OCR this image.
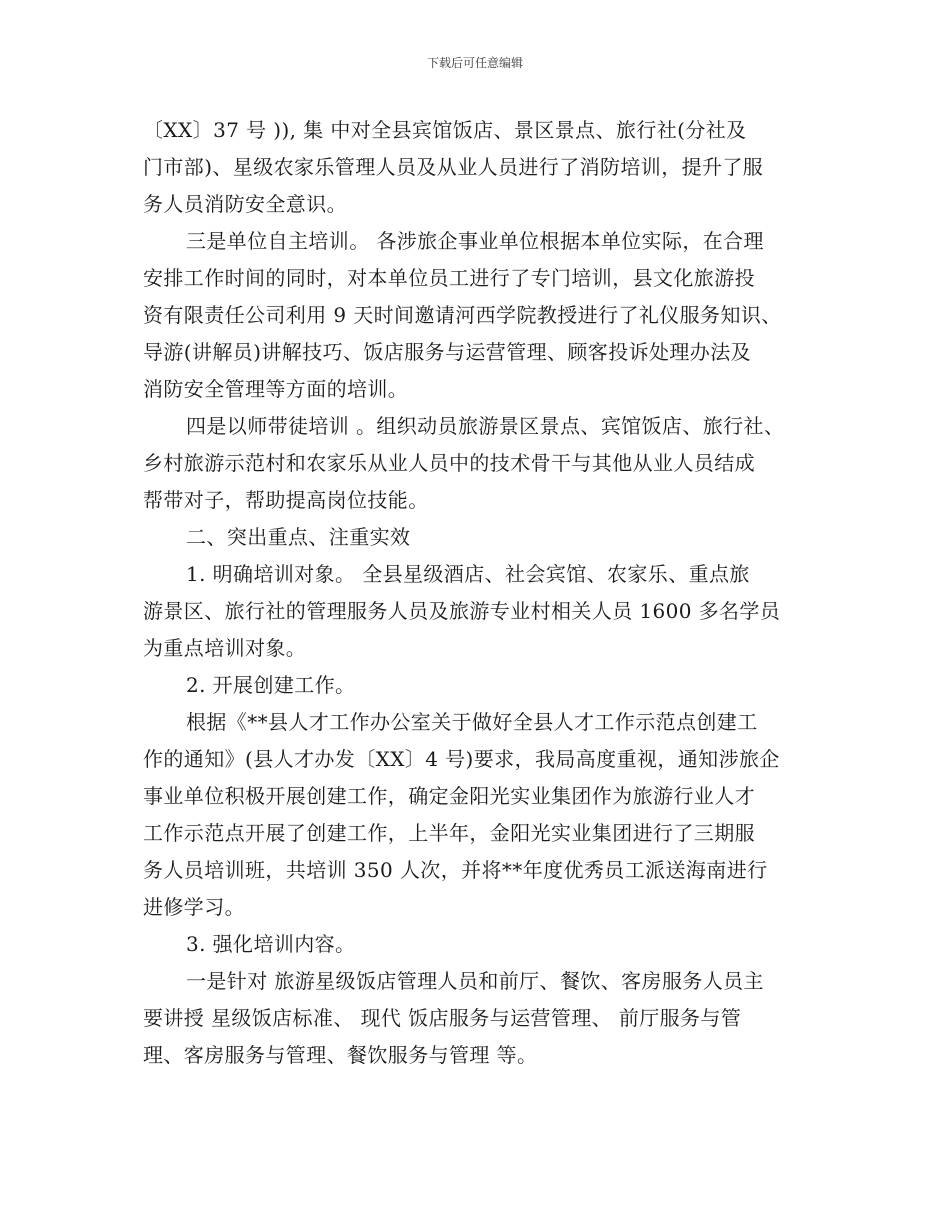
下载后可任意编辑
〔XX〕37 号 )), 集 中对全县宾馆饭店、景区景点、旅行社(分社及
门市部)、星级农家乐管理人员及从业人员进行了消防培训，提升了服
务人员消防安全意识。
三是单位自主培训。 各涉旅企事业单位根据本单位实际，在合理
安排工作时间的同时，对本单位员工进行了专门培训，县文化旅游投
资有限责任公司利用 9 天时间邀请河西学院教授进行了礼仪服务知识、
导游(讲解员)讲解技巧、饭店服务与运营管理、顾客投诉处理办法及
消防安全管理等方面的培训。
四是以师带徒培训 。组织动员旅游景区景点、宾馆饭店、旅行社、
乡村旅游示范村和农家乐从业人员中的技术骨干与其他从业人员结成
帮带对子，帮助提高岗位技能。
二、突出重点、注重实效
1. 明确培训对象。 全县星级酒店、社会宾馆、农家乐、重点旅
游景区、旅行社的管理服务人员及旅游专业村相关人员 1600 多名学员
为重点培训对象。
2. 开展创建工作。
根据《**县人才工作办公室关于做好全县人才工作示范点创建工
作的通知》(县人才办发〔XX〕4 号)要求，我局高度重视，通知涉旅企
事业单位积极开展创建工作，确定金阳光实业集团作为旅游行业人才
工作示范点开展了创建工作，上半年，金阳光实业集团进行了三期服
务人员培训班，共培训 350 人次，并将**年度优秀员工派送海南进行
进修学习。
3. 强化培训内容。
一是针对 旅游星级饭店管理人员和前厅、餐饮、客房服务人员主
要讲授 星级饭店标准、 现代 饭店服务与运营管理、 前厅服务与管
理、客房服务与管理、餐饮服务与管理 等。
